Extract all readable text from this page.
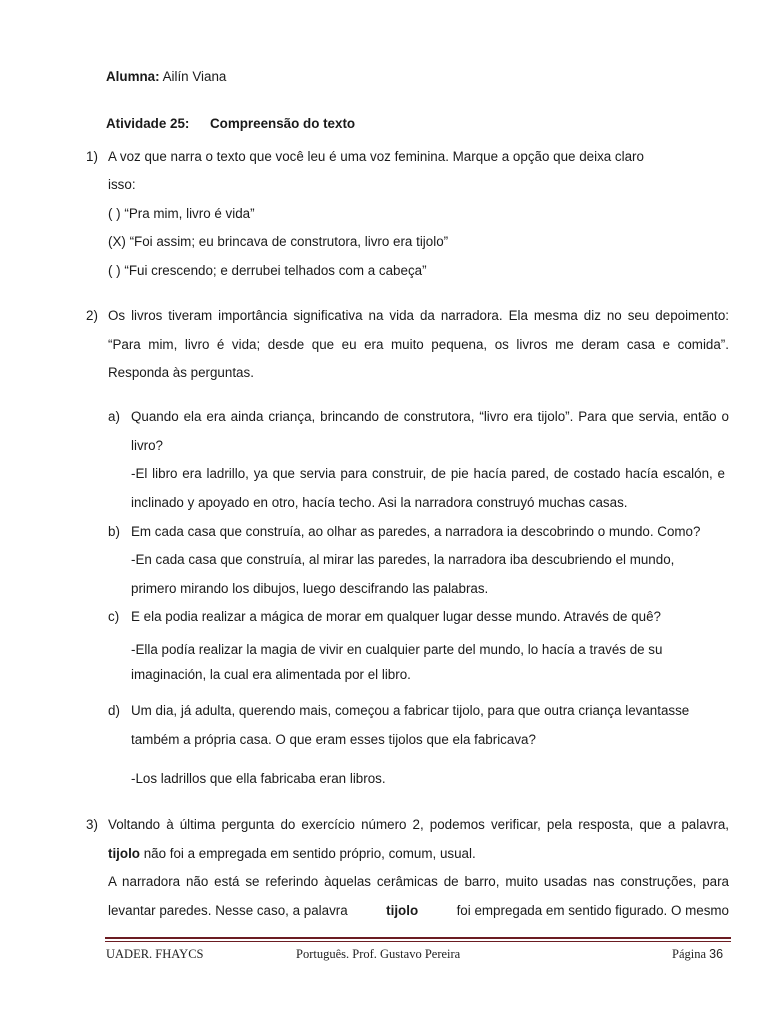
Alumna: Ailín Viana
Atividade 25: Compreensão do texto
1) A voz que narra o texto que você leu é uma voz feminina. Marque a opção que deixa claro
isso:
( ) “Pra mim, livro é vida”
(X) “Foi assim; eu brincava de construtora, livro era tijolo”
( ) “Fui crescendo; e derrubei telhados com a cabeça”
2) Os livros tiveram importância significativa na vida da narradora. Ela mesma diz no seu depoimento:
“Para mim, livro é vida; desde que eu era muito pequena, os livros me deram casa e comida”.
Responda às perguntas.
a) Quando ela era ainda criança, brincando de construtora, “livro era tijolo”. Para que servia, então o
livro?
-El libro era ladrillo, ya que servia para construir, de pie hacía pared, de costado hacía escalón, e
inclinado y apoyado en otro, hacía techo. Asi la narradora construyó muchas casas.
b) Em cada casa que construía, ao olhar as paredes, a narradora ia descobrindo o mundo. Como?
-En cada casa que construía, al mirar las paredes, la narradora iba descubriendo el mundo,
primero mirando los dibujos, luego descifrando las palabras.
c) E ela podia realizar a mágica de morar em qualquer lugar desse mundo. Através de quê?
-Ella podía realizar la magia de vivir en cualquier parte del mundo, lo hacía a través de su
imaginación, la cual era alimentada por el libro.
d) Um dia, já adulta, querendo mais, começou a fabricar tijolo, para que outra criança levantasse
também a própria casa. O que eram esses tijolos que ela fabricava?
-Los ladrillos que ella fabricaba eran libros.
3) Voltando à última pergunta do exercício número 2, podemos verificar, pela resposta, que a palavra,
tijolo não foi a empregada em sentido próprio, comum, usual.
A narradora não está se referindo àquelas cerâmicas de barro, muito usadas nas construções, para
levantar paredes. Nesse caso, a palavra	tijolo	foi empregada em sentido figurado. O mesmo
UADER. FHAYCS	Português. Prof. Gustavo Pereira	Página 36
